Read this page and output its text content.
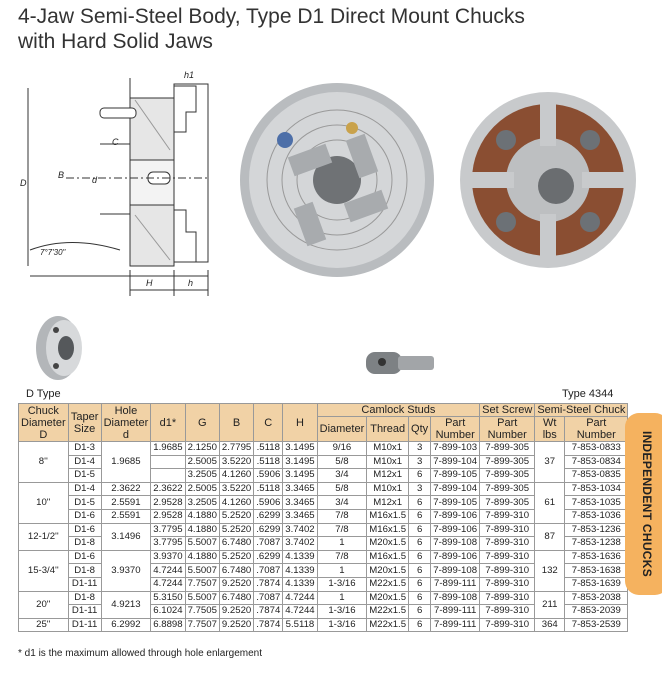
4-Jaw Semi-Steel Body, Type D1 Direct Mount Chucks
with Hard Solid Jaws
h1
C
B	d
D
7°7'30"
H	h
D Type	Type 4344
Chuck Diameter D	Taper Size	Hole Diameter d	d1*	G	B	C	H	Camlock Studs				Set Screw	Semi-Steel Chuck	
								Diameter	Thread	Qty	Part Number	Part Number	Wt lbs	Part Number
8''	D1-3	1.9685	1.9685	2.1250	2.7795	.5118	3.1495	9/16	M10x1	3	7-899-103	7-899-305	37	7-853-0833
	D1-4			2.5005	3.5220	.5118	3.1495	5/8	M10x1	3	7-899-104	7-899-305		7-853-0834
	D1-5			3.2505	4.1260	.5906	3.1495	3/4	M12x1	6	7-899-105	7-899-305		7-853-0835
10''	D1-4	2.3622	2.3622	2.5005	3.5220	.5118	3.3465	5/8	M10x1	3	7-899-104	7-899-305	61	7-853-1034
	D1-5	2.5591	2.9528	3.2505	4.1260	.5906	3.3465	3/4	M12x1	6	7-899-105	7-899-305		7-853-1035
	D1-6	2.5591	2.9528	4.1880	5.2520	.6299	3.3465	7/8	M16x1.5	6	7-899-106	7-899-310		7-853-1036
12-1/2''	D1-6	3.1496	3.7795	4.1880	5.2520	.6299	3.7402	7/8	M16x1.5	6	7-899-106	7-899-310	87	7-853-1236
	D1-8		3.7795	5.5007	6.7480	.7087	3.7402	1	M20x1.5	6	7-899-108	7-899-310		7-853-1238
15-3/4''	D1-6	3.9370	3.9370	4.1880	5.2520	.6299	4.1339	7/8	M16x1.5	6	7-899-106	7-899-310	132	7-853-1636
	D1-8		4.7244	5.5007	6.7480	.7087	4.1339	1	M20x1.5	6	7-899-108	7-899-310		7-853-1638
	D1-11		4.7244	7.7507	9.2520	.7874	4.1339	1-3/16	M22x1.5	6	7-899-111	7-899-310		7-853-1639
20''	D1-8	4.9213	5.3150	5.5007	6.7480	.7087	4.7244	1	M20x1.5	6	7-899-108	7-899-310	211	7-853-2038
	D1-11		6.1024	7.7505	9.2520	.7874	4.7244	1-3/16	M22x1.5	6	7-899-111	7-899-310		7-853-2039
25''	D1-11	6.2992	6.8898	7.7507	9.2520	.7874	5.5118	1-3/16	M22x1.5	6	7-899-111	7-899-310	364	7-853-2539
* d1 is the maximum allowed through hole enlargement
INDEPENDENT CHUCKS
